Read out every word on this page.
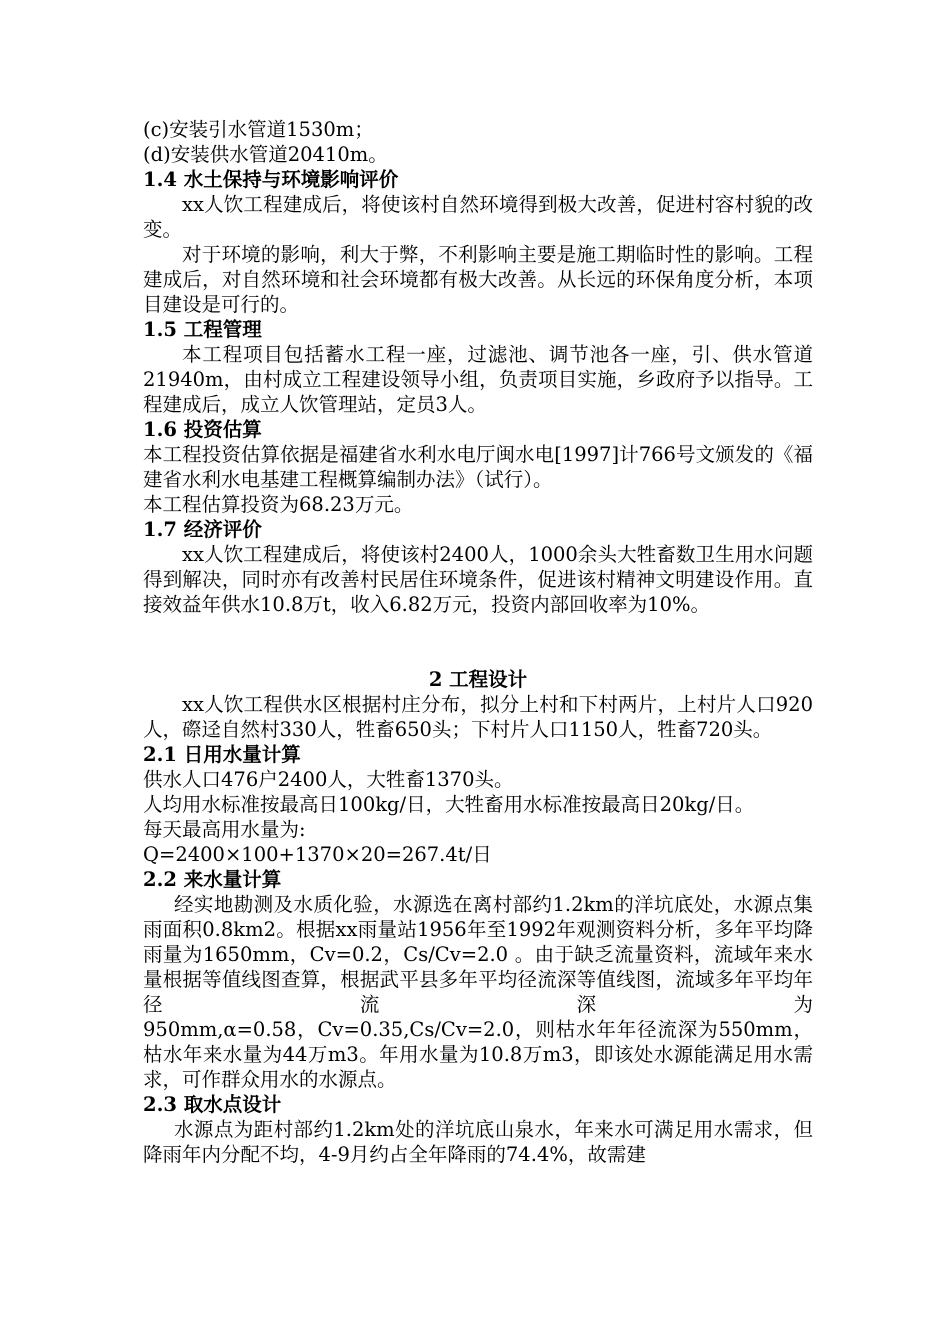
(c)安装引水管道1530m；

(d)安装供水管道20410m。

1.4 水土保持与环境影响评价

xx人饮工程建成后，将使该村自然环境得到极大改善，促进村容村貌的改变。

对于环境的影响，利大于弊，不利影响主要是施工期临时性的影响。工程建成后，对自然环境和社会环境都有极大改善。从长远的环保角度分析，本项目建设是可行的。

1.5 工程管理

本工程项目包括蓄水工程一座，过滤池、调节池各一座，引、供水管道21940m，由村成立工程建设领导小组，负责项目实施，乡政府予以指导。工程建成后，成立人饮管理站，定员3人。

1.6 投资估算

本工程投资估算依据是福建省水利水电厅闽水电[1997]计766号文颁发的《福建省水利水电基建工程概算编制办法》（试行）。

本工程估算投资为68.23万元。

1.7 经济评价

xx人饮工程建成后，将使该村2400人，1000余头大牲畜数卫生用水问题得到解决，同时亦有改善村民居住环境条件，促进该村精神文明建设作用。直接效益年供水10.8万t，收入6.82万元，投资内部回收率为10%。

2 工程设计

xx人饮工程供水区根据村庄分布，拟分上村和下村两片，上村片人口920人，磜迳自然村330人，牲畜650头；下村片人口1150人，牲畜720头。

2.1 日用水量计算

供水人口476户2400人，大牲畜1370头。

人均用水标准按最高日100kg/日，大牲畜用水标准按最高日20kg/日。

每天最高用水量为:

Q=2400×100+1370×20=267.4t/日

2.2 来水量计算

经实地勘测及水质化验，水源选在离村部约1.2km的洋坑底处，水源点集雨面积0.8km2。根据xx雨量站1956年至1992年观测资料分析，多年平均降雨量为1650mm，Cv=0.2，Cs/Cv=2.0 。由于缺乏流量资料，流域年来水量根据等值线图查算，根据武平县多年平均径流深等值线图，流域多年平均年径流深为

950mm,α=0.58，Cv=0.35,Cs/Cv=2.0，则枯水年年径流深为550mm，枯水年来水量为44万m3。年用水量为10.8万m3，即该处水源能满足用水需求，可作群众用水的水源点。

2.3 取水点设计

水源点为距村部约1.2km处的洋坑底山泉水，年来水可满足用水需求，但降雨年内分配不均，4-9月约占全年降雨的74.4%，故需建
